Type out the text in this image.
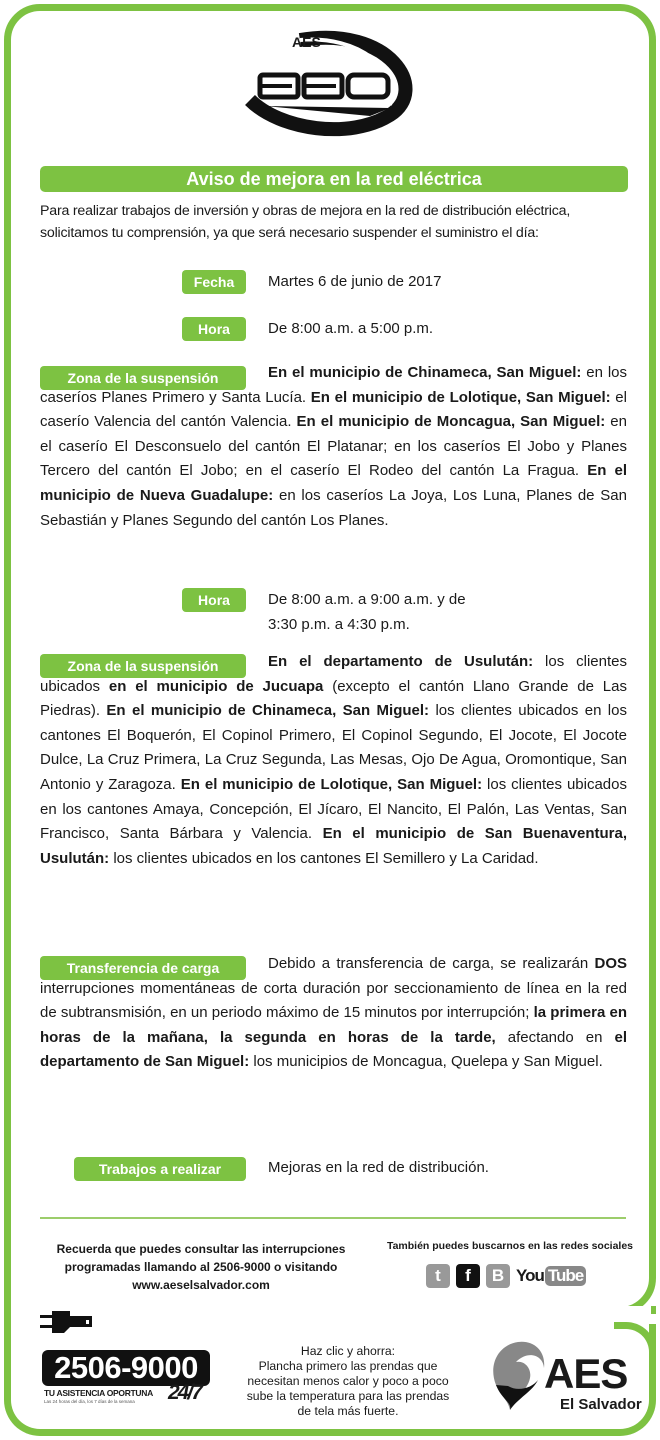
AES
Aviso de mejora en la red eléctrica

Para realizar trabajos de inversión y obras de mejora en la red de distribución eléctrica,

solicitamos tu comprensión, ya que será necesario suspender el suministro el día:

Fecha	Martes 6 de junio de 2017
Hora	De 8:00 a.m. a 5:00 p.m.
Zona de la suspensión	En el municipio de Chinameca, San Miguel: en los caseríos Planes Primero y Santa Lucía. En el municipio de Lolotique, San Miguel: el caserío Valencia del cantón Valencia. En el municipio de Moncagua, San Miguel: en el caserío El Desconsuelo del cantón El Platanar; en los caseríos El Jobo y Planes Tercero del cantón El Jobo; en el caserío El Rodeo del cantón La Fragua. En el municipio de Nueva Guadalupe: en los caseríos La Joya, Los Luna, Planes de San Sebastián y Planes Segundo del cantón Los Planes.
Hora	De 8:00 a.m. a 9:00 a.m. y de
3:30 p.m. a 4:30 p.m.
Zona de la suspensión	En el departamento de Usulután: los clientes ubicados en el municipio de Jucuapa (excepto el cantón Llano Grande de Las Piedras). En el municipio de Chinameca, San Miguel: los clientes ubicados en los cantones El Boquerón, El Copinol Primero, El Copinol Segundo, El Jocote, El Jocote Dulce, La Cruz Primera, La Cruz Segunda, Las Mesas, Ojo De Agua, Oromontique, San Antonio y Zaragoza. En el municipio de Lolotique, San Miguel: los clientes ubicados en los cantones Amaya, Concepción, El Jícaro, El Nancito, El Palón, Las Ventas, San Francisco, Santa Bárbara y Valencia. En el municipio de San Buenaventura, Usulután: los clientes ubicados en los cantones El Semillero y La Caridad.
Transferencia de carga	Debido a transferencia de carga, se realizarán DOS interrupciones momentáneas de corta duración por seccionamiento de línea en la red de subtransmisión, en un periodo máximo de 15 minutos por interrupción; la primera en horas de la mañana, la segunda en horas de la tarde, afectando en el departamento de San Miguel: los municipios de Moncagua, Quelepa y San Miguel.
Trabajos a realizar	Mejoras en la red de distribución.
Recuerda que puedes consultar las interrupciones
programadas llamando al 2506-9000 o visitando
www.aeselsalvador.com
También puedes buscarnos en las redes sociales
t	f	B You Tube
2506-9000
TU ASISTENCIA OPORTUNA
Las 24 horas del día, los 7 días de la semana 24/7
Haz clic y ahorra:
Plancha primero las prendas que
necesitan menos calor y poco a poco
sube la temperatura para las prendas
de tela más fuerte.
AES
El Salvador
